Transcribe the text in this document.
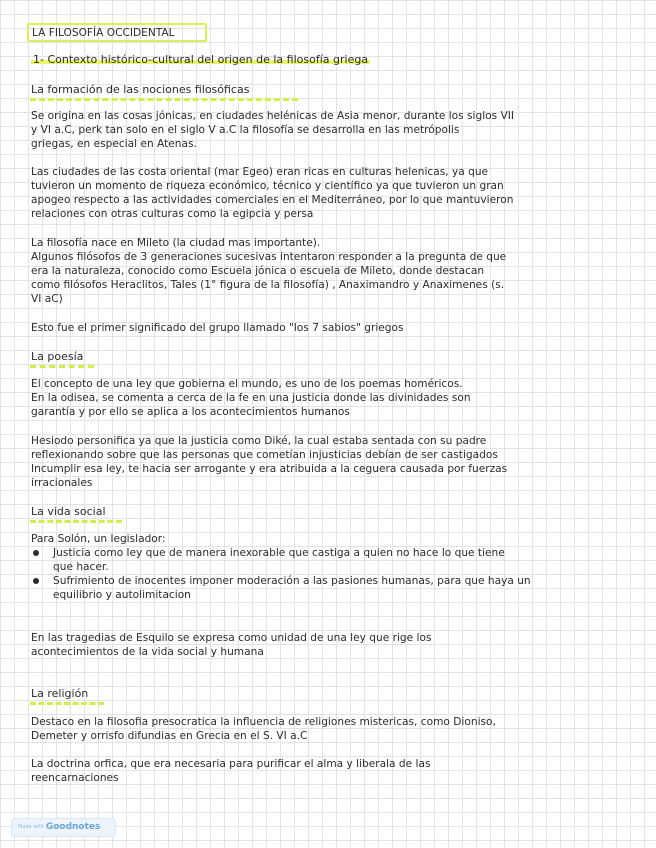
LA FILOSOFÍA OCCIDENTAL
1- Contexto histórico-cultural del origen de la filosofía griega
La formación de las nociones filosóficas

Se origina en las cosas jónicas, en ciudades helénicas de Asia menor, durante los siglos VII

y VI a.C, perk tan solo en el siglo V a.C la filosofía se desarrolla en las metrópolis

griegas, en especial en Atenas.

Las ciudades de las costa oriental (mar Egeo) eran ricas en culturas helenicas, ya que

tuvieron un momento de riqueza económico, técnico y científico ya que tuvieron un gran

apogeo respecto a las actividades comerciales en el Mediterráneo, por lo que mantuvieron

relaciones con otras culturas como la egipcia y persa

La filosofía nace en Mileto (la ciudad mas importante).

Algunos filósofos de 3 generaciones sucesivas intentaron responder a la pregunta de que

era la naturaleza, conocido como Escuela jónica o escuela de Mileto, donde destacan

como filósofos Heraclitos, Tales (1° figura de la filosofía) , Anaximandro y Anaximenes (s.

VI aC)

Esto fue el primer significado del grupo llamado "los 7 sabios" griegos

La poesía

El concepto de una ley que gobierna el mundo, es uno de los poemas homéricos.

En la odisea, se comenta a cerca de la fe en una justicia donde las divinidades son

garantía y por ello se aplica a los acontecimientos humanos

Hesiodo personifica ya que la justicia como Diké, la cual estaba sentada con su padre

reflexionando sobre que las personas que cometían injusticias debían de ser castigados

Incumplir esa ley, te hacia ser arrogante y era atribuida a la ceguera causada por fuerzas

irracionales

La vida social

Para Solón, un legislador:

Justicia como ley que de manera inexorable que castiga a quien no hace lo que tiene

que hacer.

Sufrimiento de inocentes imponer moderación a las pasiones humanas, para que haya un

equilibrio y autolimitacion

En las tragedias de Esquilo se expresa como unidad de una ley que rige los

acontecimientos de la vida social y humana

La religión

Destaco en la filosofia presocratica la influencia de religiones mistericas, como Dioniso,

Demeter y orrisfo difundias en Grecia en el S. VI a.C

La doctrina orfica, que era necesaria para purificar el alma y liberala de las

reencarnaciones

Made with Goodnotes
